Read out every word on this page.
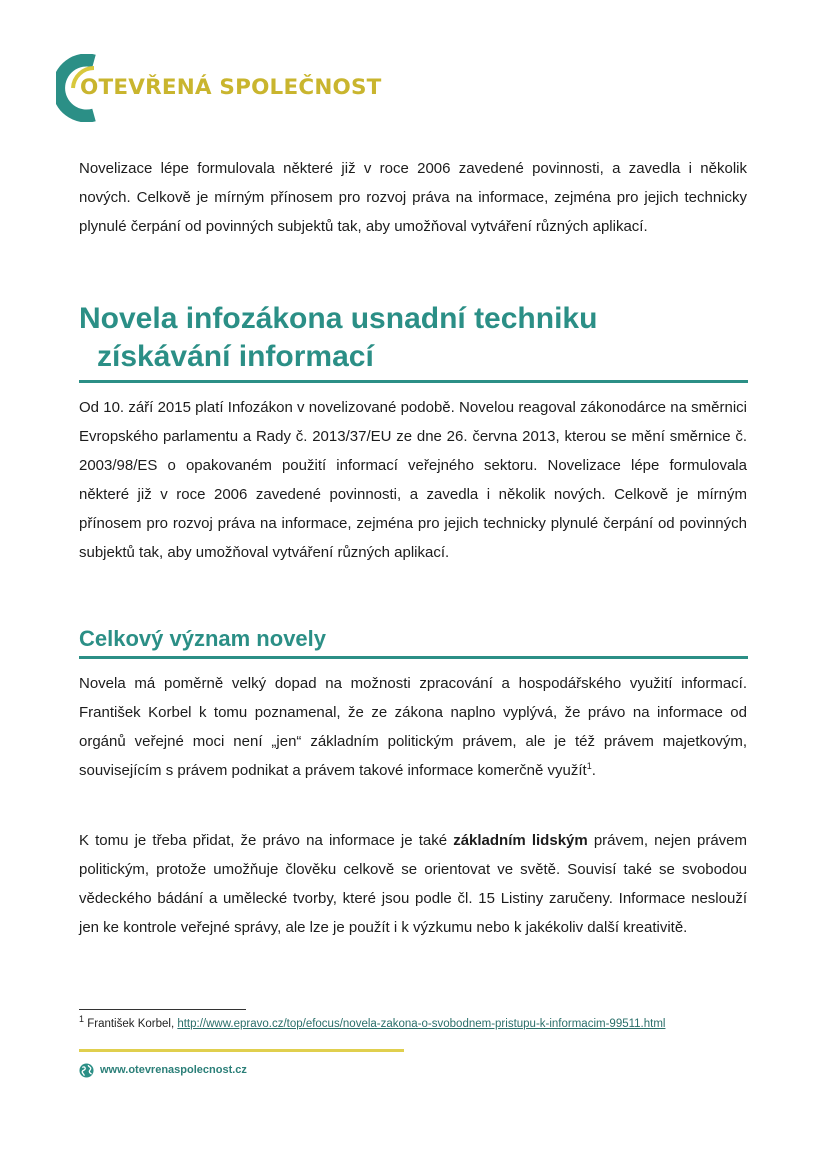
OTEVŘENÁ SPOLEČNOST

Novelizace lépe formulovala některé již v roce 2006 zavedené povinnosti, a zavedla i několik nových. Celkově je mírným přínosem pro rozvoj práva na informace, zejména pro jejich technicky plynulé čerpání od povinných subjektů tak, aby umožňoval vytváření různých aplikací.

Novela infozákona usnadní techniku
získávání informací

Od 10. září 2015 platí Infozákon v novelizované podobě. Novelou reagoval zákonodárce na směrnici Evropského parlamentu a Rady č. 2013/37/EU ze dne 26. června 2013, kterou se mění směrnice č. 2003/98/ES o opakovaném použití informací veřejného sektoru. Novelizace lépe formulovala některé již v roce 2006 zavedené povinnosti, a zavedla i několik nových. Celkově je mírným přínosem pro rozvoj práva na informace, zejména pro jejich technicky plynulé čerpání od povinných subjektů tak, aby umožňoval vytváření různých aplikací.

Celkový význam novely

Novela má poměrně velký dopad na možnosti zpracování a hospodářského využití informací. František Korbel k tomu poznamenal, že ze zákona naplno vyplývá, že právo na informace od orgánů veřejné moci není „jen“ základním politickým právem, ale je též právem majetkovým, souvisejícím s právem podnikat a právem takové informace komerčně využít$^1$.

K tomu je třeba přidat, že právo na informace je také základním lidským právem, nejen právem politickým, protože umožňuje člověku celkově se orientovat ve světě. Souvisí také se svobodou vědeckého bádání a umělecké tvorby, které jsou podle čl. 15 Listiny zaručeny. Informace neslouží jen ke kontrole veřejné správy, ale lze je použít i k výzkumu nebo k jakékoliv další kreativitě.

$^1$ František Korbel, http://www.epravo.cz/top/efocus/novela-zakona-o-svobodnem-pristupu-k-informacim-99511.html
www.otevrenaspolecnost.cz
